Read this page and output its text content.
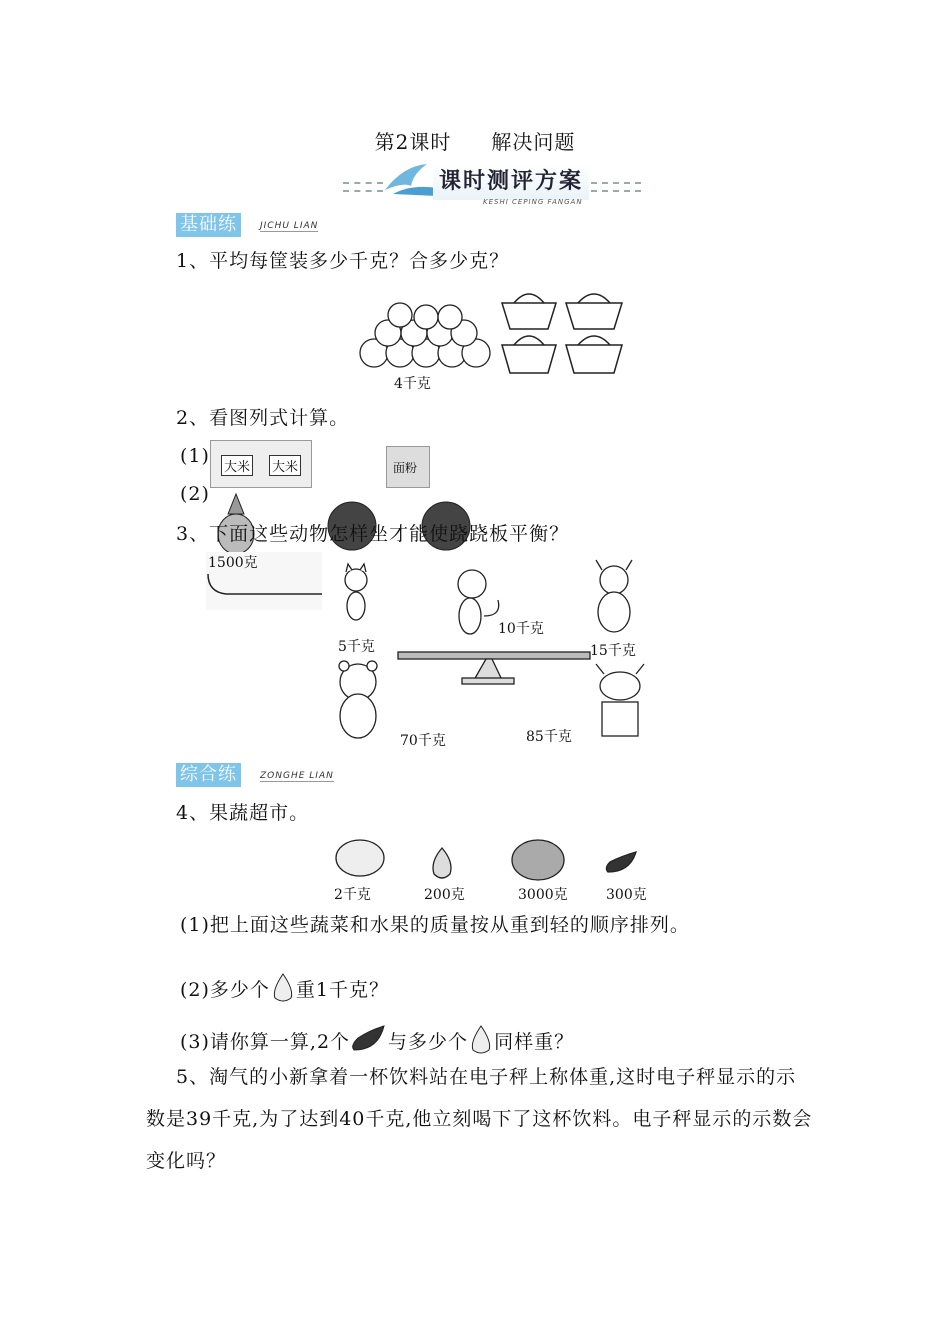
第2课时 解决问题
课时测评方案
KESHI CEPING FANGAN
基础练	JICHU LIAN
1、平均每筐装多少千克？合多少克？
4千克
2、看图列式计算。
(1)
(2)
大米 大米	面粉
3、下面这些动物怎样坐才能使跷跷板平衡？
1500克
5千克
10千克
15千克
70千克	85千克
综合练	ZONGHE LIAN
4、果蔬超市。
2千克	200克	3000克	300克
(1)把上面这些蔬菜和水果的质量按从重到轻的顺序排列。
(2)多少个 重1千克？
(3)请你算一算,2个 与多少个 同样重？
5、淘气的小新拿着一杯饮料站在电子秤上称体重,这时电子秤显示的示数是39千克,为了达到40千克,他立刻喝下了这杯饮料。电子秤显示的示数会变化吗？
